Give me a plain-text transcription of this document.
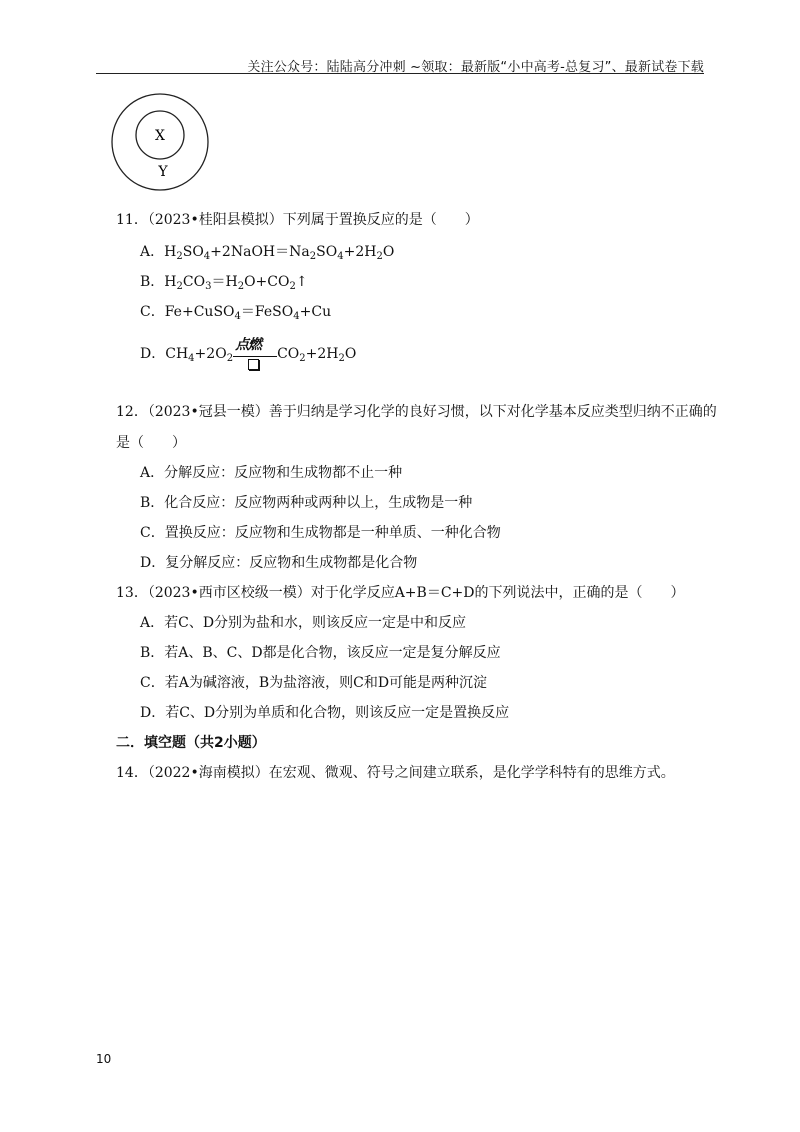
关注公众号：陆陆高分冲刺 ~领取：最新版“小中高考-总复习”、最新试卷下载
X
Y
11．（2023•桂阳县模拟）下列属于置换反应的是（　　）
A．$H_2SO_4+2NaOH=Na_2SO_4+2H_2O$
B．$H_2CO_3=H_2O+CO_2↑$
C．Fe+CuSO$_4$＝FeSO$_4$+Cu
D．$CH_4+2O_2$
点燃
$CO_2+2H_2O$
12．（2023•冠县一模）善于归纳是学习化学的良好习惯，以下对化学基本反应类型归纳不正确的
是（　　）
A．分解反应：反应物和生成物都不止一种
B．化合反应：反应物两种或两种以上，生成物是一种
C．置换反应：反应物和生成物都是一种单质、一种化合物
D．复分解反应：反应物和生成物都是化合物
13．（2023•西市区校级一模）对于化学反应A+B＝C+D的下列说法中，正确的是（　　）
A．若C、D分别为盐和水，则该反应一定是中和反应
B．若A、B、C、D都是化合物，该反应一定是复分解反应
C．若A为碱溶液，B为盐溶液，则C和D可能是两种沉淀
D．若C、D分别为单质和化合物，则该反应一定是置换反应
二．填空题（共2小题）
14．（2022•海南模拟）在宏观、微观、符号之间建立联系，是化学学科特有的思维方式。
10
